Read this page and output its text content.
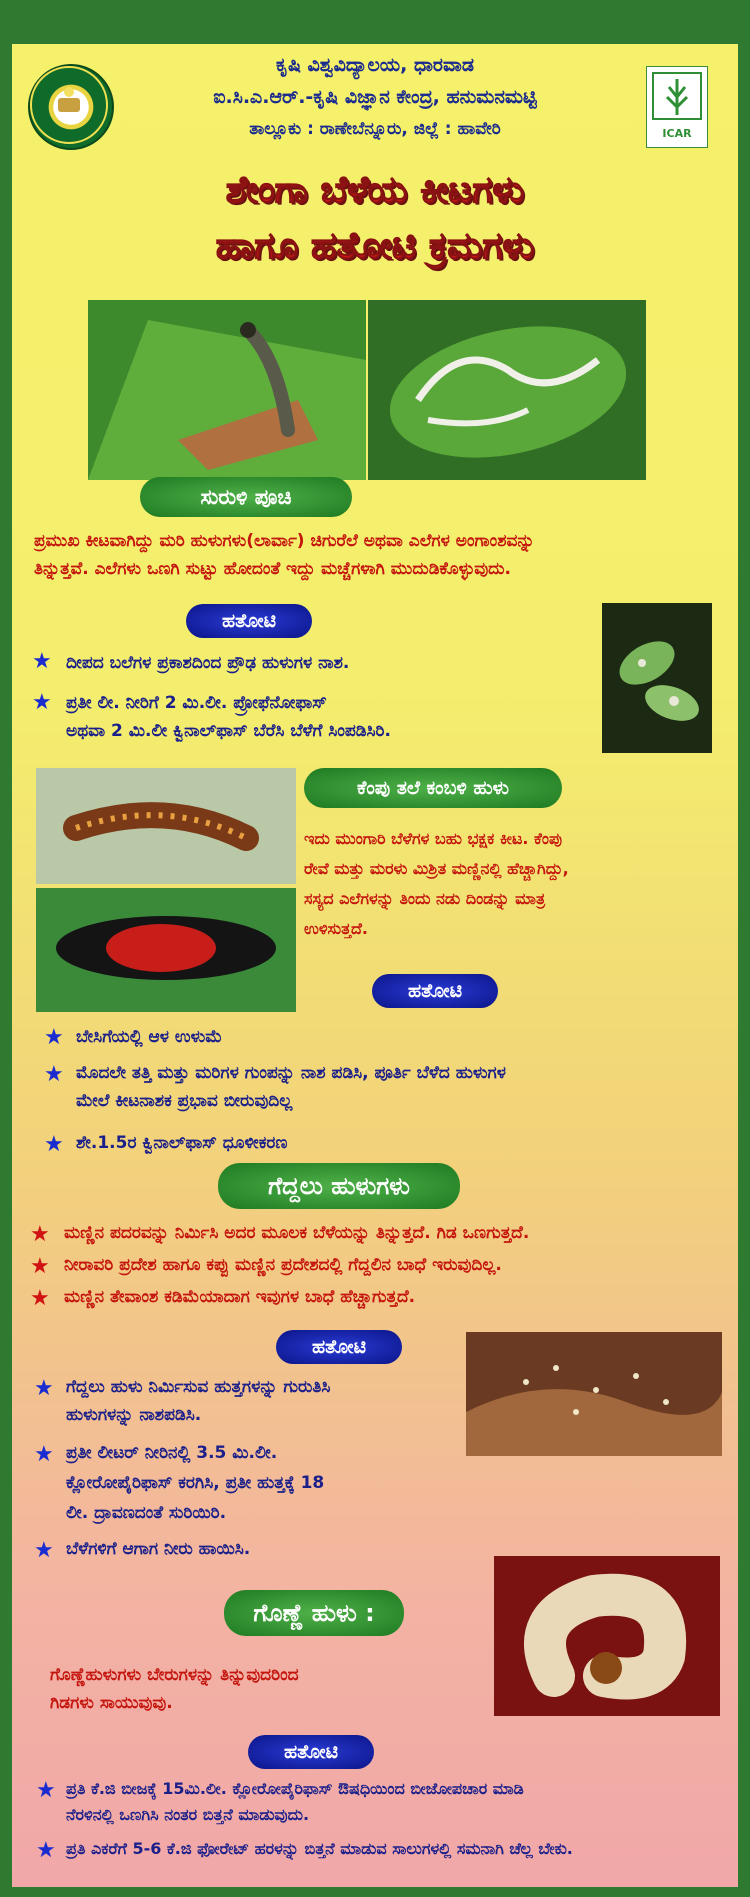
ICAR
ಕೃಷಿ ವಿಶ್ವವಿದ್ಯಾಲಯ, ಧಾರವಾಡ
ಐ.ಸಿ.ಎ.ಆರ್.-ಕೃಷಿ ವಿಜ್ಞಾನ ಕೇಂದ್ರ, ಹನುಮನಮಟ್ಟಿ
ತಾಲ್ಲೂಕು : ರಾಣೇಬೆನ್ನೂರು, ಜಿಲ್ಲೆ : ಹಾವೇರಿ
ಶೇಂಗಾ ಬೆಳೆಯ ಕೀಟಗಳು
ಹಾಗೂ ಹತೋಟಿ ಕ್ರಮಗಳು
ಸುರುಳಿ ಪೂಚಿ
ಪ್ರಮುಖ ಕೀಟವಾಗಿದ್ದು ಮರಿ ಹುಳುಗಳು(ಲಾರ್ವಾ) ಚಿಗುರೆಲೆ ಅಥವಾ ಎಲೆಗಳ ಅಂಗಾಂಶವನ್ನು
ತಿನ್ನುತ್ತವೆ. ಎಲೆಗಳು ಒಣಗಿ ಸುಟ್ಟು ಹೋದಂತೆ ಇದ್ದು ಮಚ್ಚೆಗಳಾಗಿ ಮುದುಡಿಕೊಳ್ಳುವುದು.
ಹತೋಟಿ
★ ದೀಪದ ಬಲೆಗಳ ಪ್ರಕಾಶದಿಂದ ಪ್ರೌಢ ಹುಳುಗಳ ನಾಶ.
★ ಪ್ರತೀ ಲೀ. ನೀರಿಗೆ 2 ಮಿ.ಲೀ. ಪ್ರೋಫೆನೋಫಾಸ್
ಅಥವಾ 2 ಮಿ.ಲೀ ಕ್ವಿನಾಲ್‌ಫಾಸ್ ಬೆರೆಸಿ ಬೆಳೆಗೆ ಸಿಂಪಡಿಸಿರಿ.
ಕೆಂಪು ತಲೆ ಕಂಬಳಿ ಹುಳು
ಇದು ಮುಂಗಾರಿ ಬೆಳೆಗಳ ಬಹು ಭಕ್ಷಕ ಕೀಟ. ಕೆಂಪು
ರೇವೆ ಮತ್ತು ಮರಳು ಮಿಶ್ರಿತ ಮಣ್ಣಿನಲ್ಲಿ ಹೆಚ್ಚಾಗಿದ್ದು,
ಸಸ್ಯದ ಎಲೆಗಳನ್ನು ತಿಂದು ನಡು ದಿಂಡನ್ನು ಮಾತ್ರ
ಉಳಿಸುತ್ತದೆ.
ಹತೋಟಿ
★ ಬೇಸಿಗೆಯಲ್ಲಿ ಆಳ ಉಳುಮೆ
★ ಮೊದಲೇ ತತ್ತಿ ಮತ್ತು ಮರಿಗಳ ಗುಂಪನ್ನು ನಾಶ ಪಡಿಸಿ, ಪೂರ್ತಿ ಬೆಳೆದ ಹುಳುಗಳ
ಮೇಲೆ ಕೀಟನಾಶಕ ಪ್ರಭಾವ ಬೀರುವುದಿಲ್ಲ
★ ಶೇ.1.5ರ ಕ್ವಿನಾಲ್‌ಫಾಸ್ ಧೂಳೀಕರಣ
ಗೆದ್ದಲು ಹುಳುಗಳು
★ ಮಣ್ಣಿನ ಪದರವನ್ನು ನಿರ್ಮಿಸಿ ಅದರ ಮೂಲಕ ಬೆಳೆಯನ್ನು ತಿನ್ನುತ್ತದೆ. ಗಿಡ ಒಣಗುತ್ತದೆ.
★ ನೀರಾವರಿ ಪ್ರದೇಶ ಹಾಗೂ ಕಪ್ಪು ಮಣ್ಣಿನ ಪ್ರದೇಶದಲ್ಲಿ ಗೆದ್ದಲಿನ ಬಾಧೆ ಇರುವುದಿಲ್ಲ.
★ ಮಣ್ಣಿನ ತೇವಾಂಶ ಕಡಿಮೆಯಾದಾಗ ಇವುಗಳ ಬಾಧೆ ಹೆಚ್ಚಾಗುತ್ತದೆ.
ಹತೋಟಿ
★ ಗೆದ್ದಲು ಹುಳು ನಿರ್ಮಿಸುವ ಹುತ್ತಗಳನ್ನು ಗುರುತಿಸಿ
ಹುಳುಗಳನ್ನು ನಾಶಪಡಿಸಿ.
★ ಪ್ರತೀ ಲೀಟರ್ ನೀರಿನಲ್ಲಿ 3.5 ಮಿ.ಲೀ.
ಕ್ಲೋರೋಪೈರಿಫಾಸ್ ಕರಗಿಸಿ, ಪ್ರತೀ ಹುತ್ತಕ್ಕೆ 18
ಲೀ. ದ್ರಾವಣದಂತೆ ಸುರಿಯಿರಿ.
★ ಬೆಳೆಗಳಿಗೆ ಆಗಾಗ ನೀರು ಹಾಯಿಸಿ.
ಗೊಣ್ಣೆ ಹುಳು :
ಗೊಣ್ಣೆಹುಳುಗಳು ಬೇರುಗಳನ್ನು ತಿನ್ನುವುದರಿಂದ
ಗಿಡಗಳು ಸಾಯುವುವು.
ಹತೋಟಿ
★ ಪ್ರತಿ ಕೆ.ಜಿ ಬೀಜಕ್ಕೆ 15ಮಿ.ಲೀ. ಕ್ಲೋರೋಪೈರಿಫಾಸ್ ಔಷಧಿಯಿಂದ ಬೀಜೋಪಚಾರ ಮಾಡಿ
ನೆರಳಿನಲ್ಲಿ ಒಣಗಿಸಿ ನಂತರ ಬಿತ್ತನೆ ಮಾಡುವುದು.
★ ಪ್ರತಿ ಎಕರೆಗೆ 5-6 ಕೆ.ಜಿ ಫೋರೇಟ್ ಹರಳನ್ನು ಬಿತ್ತನೆ ಮಾಡುವ ಸಾಲುಗಳಲ್ಲಿ ಸಮನಾಗಿ ಚೆಲ್ಲ ಬೇಕು.
